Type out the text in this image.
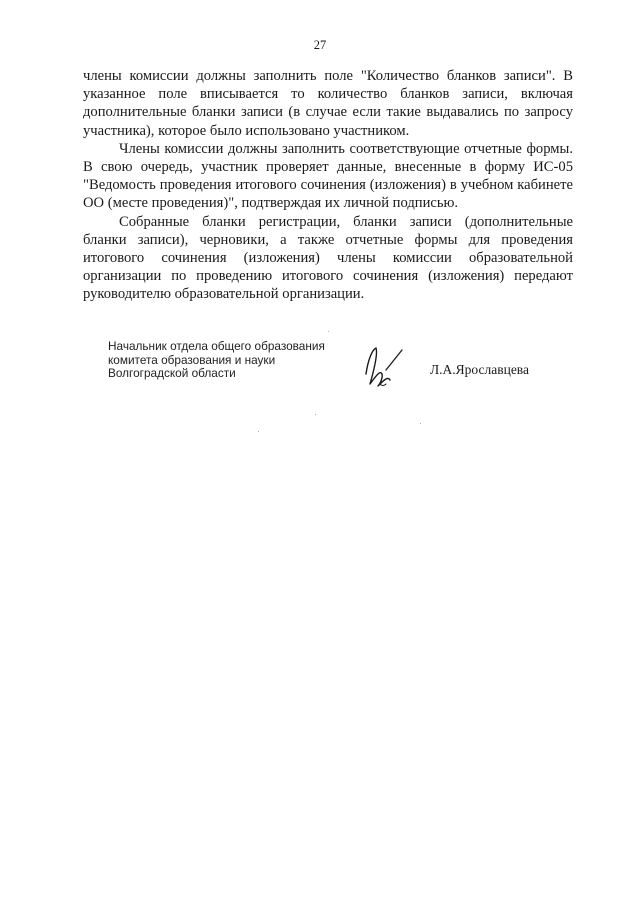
27

члены комиссии должны заполнить поле "Количество бланков записи". В указанное поле вписывается то количество бланков записи, включая дополнительные бланки записи (в случае если такие выдавались по запросу участника), которое было использовано участником.

Члены комиссии должны заполнить соответствующие отчетные формы. В свою очередь, участник проверяет данные, внесенные в форму ИС-05 "Ведомость проведения итогового сочинения (изложения) в учебном кабинете ОО (месте проведения)", подтверждая их личной подписью.

Собранные бланки регистрации, бланки записи (дополнительные бланки записи), черновики, а также отчетные формы для проведения итогового сочинения (изложения) члены комиссии образовательной организации по проведению итогового сочинения (изложения) передают руководителю образовательной организации.

Начальник отдела общего образования
комитета образования и науки
Волгоградской области	Л.А.Ярославцева
